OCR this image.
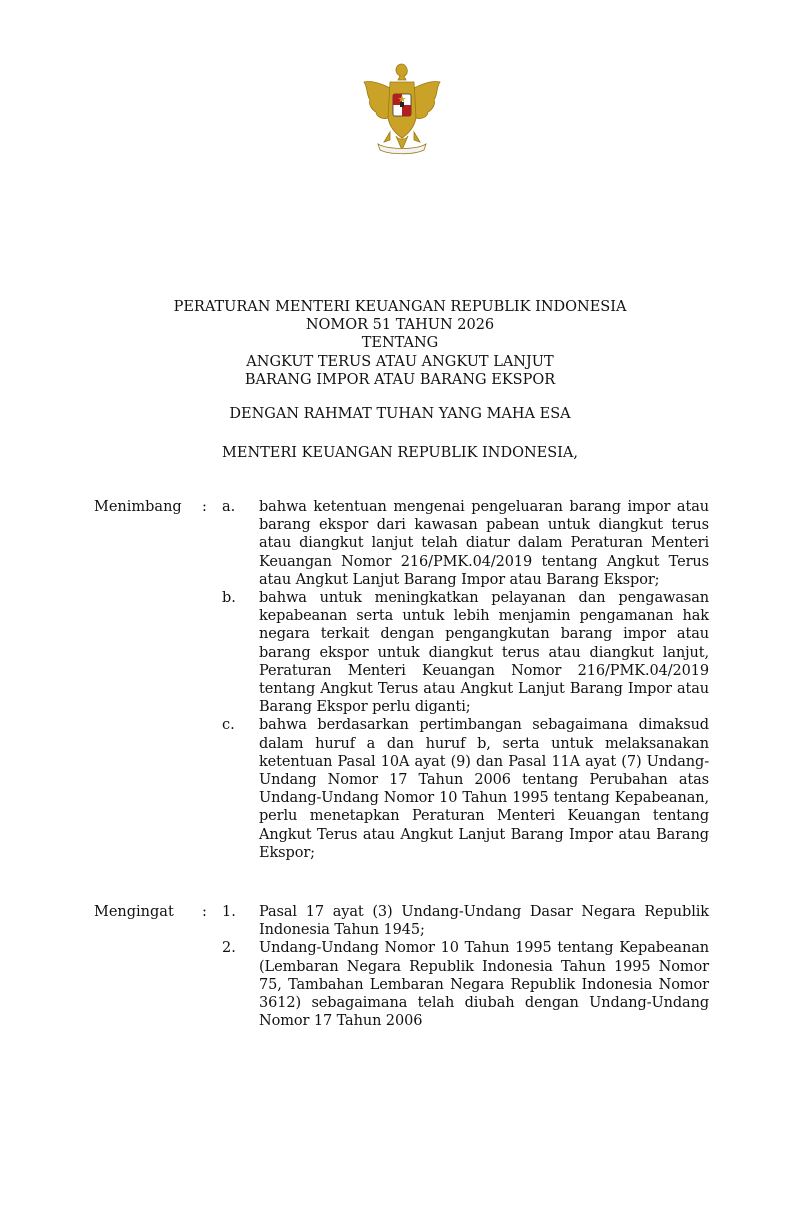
PERATURAN MENTERI KEUANGAN REPUBLIK INDONESIA
NOMOR 51 TAHUN 2026
TENTANG
ANGKUT TERUS ATAU ANGKUT LANJUT
BARANG IMPOR ATAU BARANG EKSPOR
DENGAN RAHMAT TUHAN YANG MAHA ESA
MENTERI KEUANGAN REPUBLIK INDONESIA,
Menimbang	: a. bahwa ketentuan mengenai pengeluaran barang impor atau barang ekspor dari kawasan pabean untuk diangkut terus atau diangkut lanjut telah diatur dalam Peraturan Menteri Keuangan Nomor 216/PMK.04/2019 tentang Angkut Terus atau Angkut Lanjut Barang Impor atau Barang Ekspor;
b. bahwa untuk meningkatkan pelayanan dan pengawasan kepabeanan serta untuk lebih menjamin pengamanan hak negara terkait dengan pengangkutan barang impor atau barang ekspor untuk diangkut terus atau diangkut lanjut, Peraturan Menteri Keuangan Nomor 216/PMK.04/2019 tentang Angkut Terus atau Angkut Lanjut Barang Impor atau Barang Ekspor perlu diganti;
c. bahwa berdasarkan pertimbangan sebagaimana dimaksud dalam huruf a dan huruf b, serta untuk melaksanakan ketentuan Pasal 10A ayat (9) dan Pasal 11A ayat (7) Undang-Undang Nomor 17 Tahun 2006 tentang Perubahan atas Undang-Undang Nomor 10 Tahun 1995 tentang Kepabeanan, perlu menetapkan Peraturan Menteri Keuangan tentang Angkut Terus atau Angkut Lanjut Barang Impor atau Barang Ekspor;
Mengingat	: 1. Pasal 17 ayat (3) Undang-Undang Dasar Negara Republik Indonesia Tahun 1945;
2. Undang-Undang Nomor 10 Tahun 1995 tentang Kepabeanan (Lembaran Negara Republik Indonesia Tahun 1995 Nomor 75, Tambahan Lembaran Negara Republik Indonesia Nomor 3612) sebagaimana telah diubah dengan Undang-Undang Nomor 17 Tahun 2006
